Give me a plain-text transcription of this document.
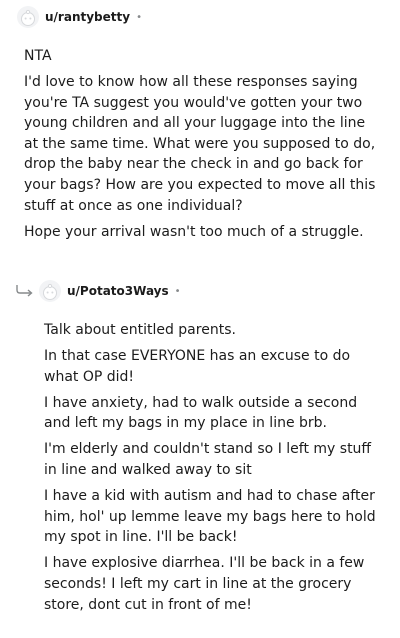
u/rantybetty •

NTA

I'd love to know how all these responses saying you're TA suggest you would've gotten your two young children and all your luggage into the line at the same time. What were you supposed to do, drop the baby near the check in and go back for your bags? How are you expected to move all this stuff at once as one individual?

Hope your arrival wasn't too much of a struggle.

u/Potato3Ways •

Talk about entitled parents.

In that case EVERYONE has an excuse to do what OP did!

I have anxiety, had to walk outside a second and left my bags in my place in line brb.

I'm elderly and couldn't stand so I left my stuff in line and walked away to sit

I have a kid with autism and had to chase after him, hol' up lemme leave my bags here to hold my spot in line. I'll be back!

I have explosive diarrhea. I'll be back in a few seconds! I left my cart in line at the grocery store, dont cut in front of me!
